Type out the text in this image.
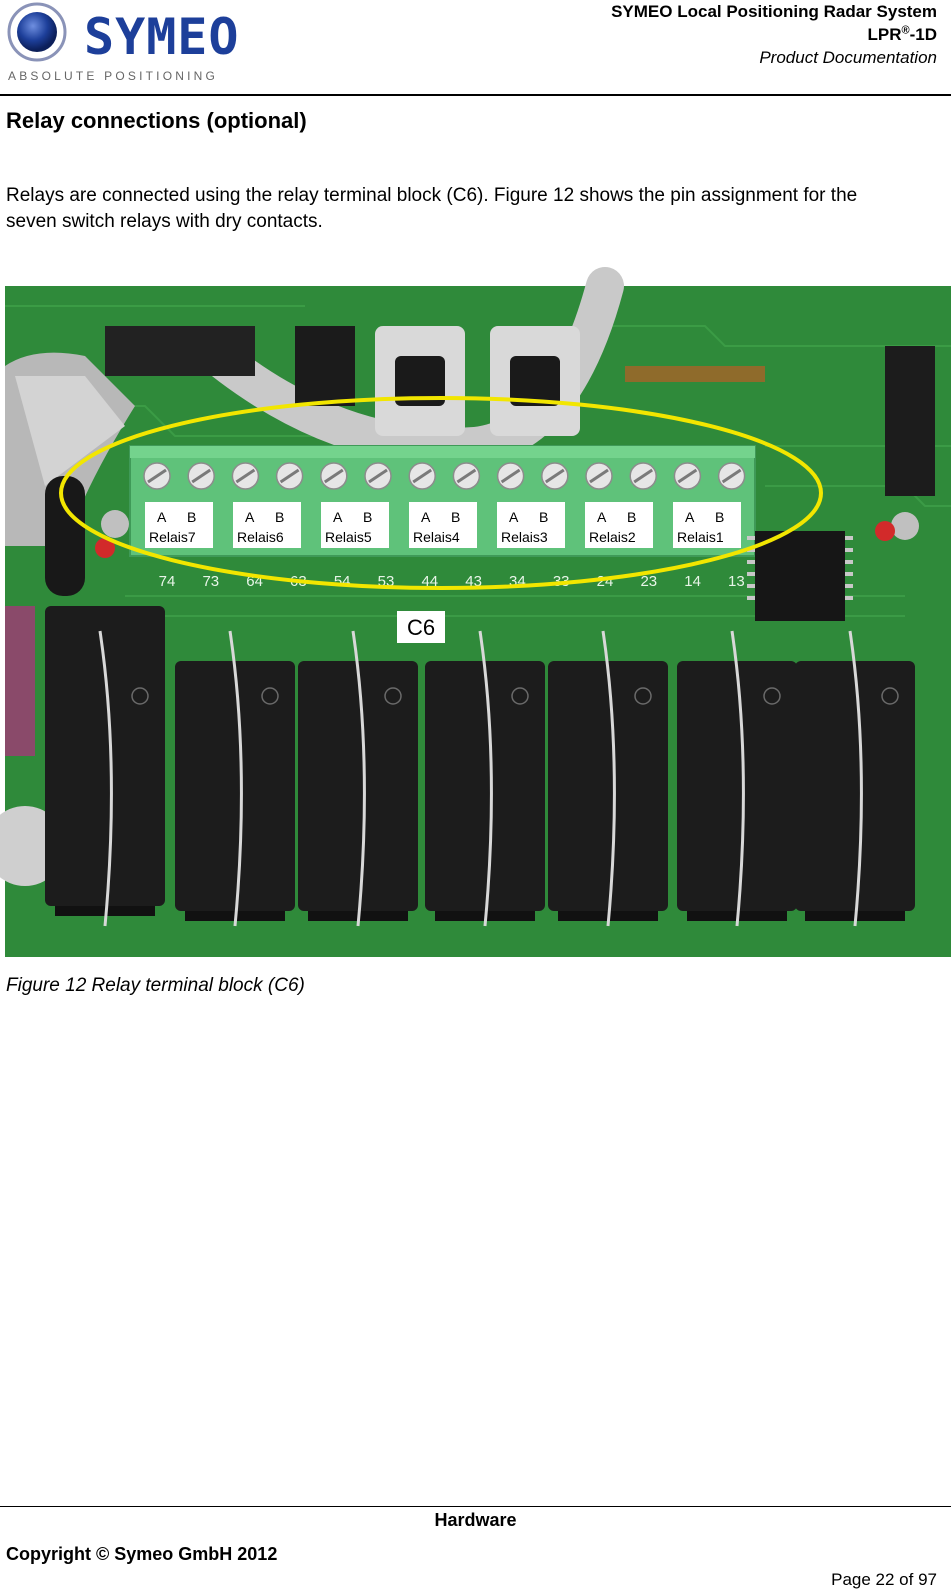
SYMEO
ABSOLUTE POSITIONING
SYMEO Local Positioning Radar System
LPR®-1D
Product Documentation
Relay connections (optional)

Relays are connected using the relay terminal block (C6). Figure 12 shows the pin assignment for the seven switch relays with dry contacts.

A B
Relais7
A B
Relais6
A B
Relais5
A B
Relais4
A B
Relais3
A B
Relais2
A B
Relais1
74 73 64 63 54 53 44 43 34 33 24 23 14 13
C6

Figure 12 Relay terminal block (C6)

Hardware
Copyright © Symeo GmbH 2012
Page 22 of 97
